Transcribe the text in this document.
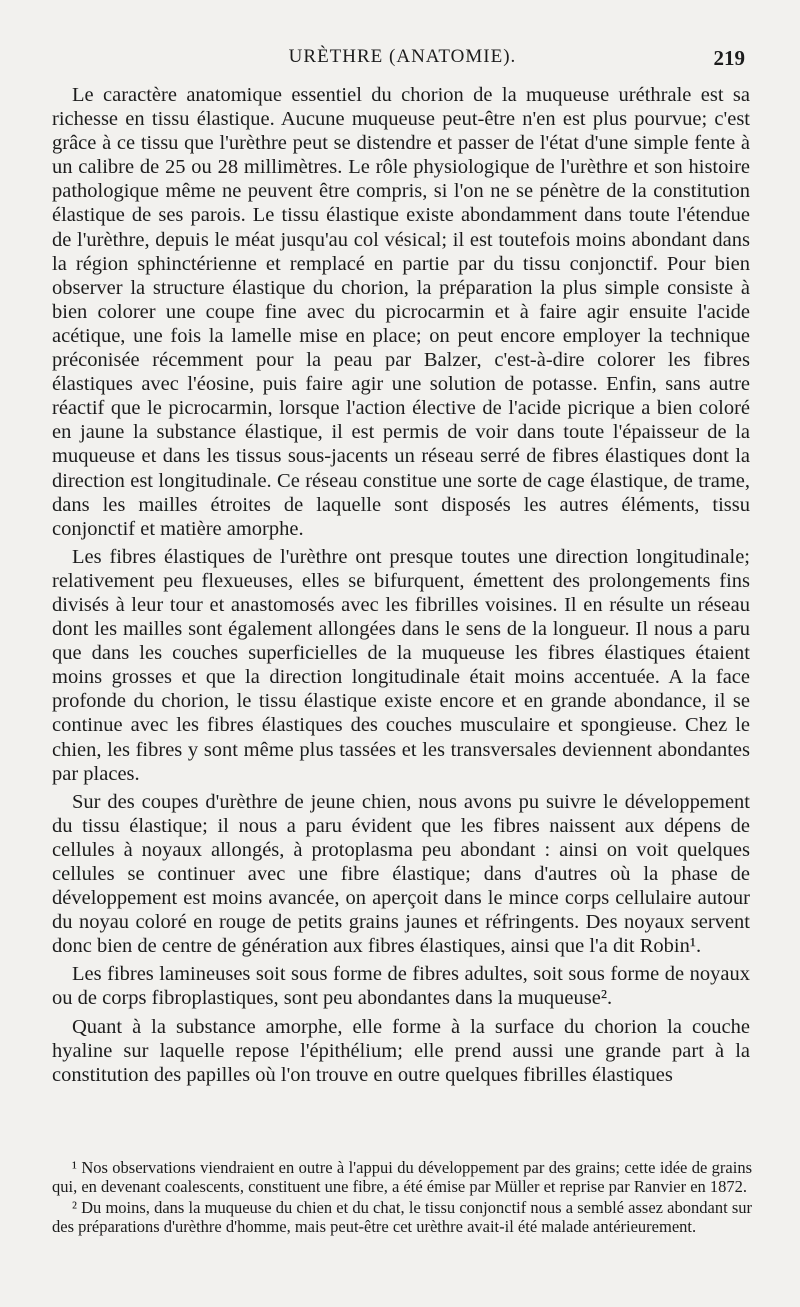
URÈTHRE (ANATOMIE).	219

Le caractère anatomique essentiel du chorion de la muqueuse uréthrale est sa richesse en tissu élastique. Aucune muqueuse peut-être n'en est plus pourvue; c'est grâce à ce tissu que l'urèthre peut se distendre et passer de l'état d'une simple fente à un calibre de 25 ou 28 millimètres. Le rôle physiologique de l'urèthre et son histoire pathologique même ne peuvent être compris, si l'on ne se pénètre de la constitution élastique de ses parois. Le tissu élastique existe abondamment dans toute l'étendue de l'urèthre, depuis le méat jusqu'au col vésical; il est toutefois moins abondant dans la région sphinctérienne et remplacé en partie par du tissu conjonctif. Pour bien observer la structure élastique du chorion, la préparation la plus simple consiste à bien colorer une coupe fine avec du picrocarmin et à faire agir ensuite l'acide acétique, une fois la lamelle mise en place; on peut encore employer la technique préconisée récemment pour la peau par Balzer, c'est-à-dire colorer les fibres élastiques avec l'éosine, puis faire agir une solution de potasse. Enfin, sans autre réactif que le picrocarmin, lorsque l'action élective de l'acide picrique a bien coloré en jaune la substance élastique, il est permis de voir dans toute l'épaisseur de la muqueuse et dans les tissus sous-jacents un réseau serré de fibres élastiques dont la direction est longitudinale. Ce réseau constitue une sorte de cage élastique, de trame, dans les mailles étroites de laquelle sont disposés les autres éléments, tissu conjonctif et matière amorphe.

Les fibres élastiques de l'urèthre ont presque toutes une direction longitudinale; relativement peu flexueuses, elles se bifurquent, émettent des prolongements fins divisés à leur tour et anastomosés avec les fibrilles voisines. Il en résulte un réseau dont les mailles sont également allongées dans le sens de la longueur. Il nous a paru que dans les couches superficielles de la muqueuse les fibres élastiques étaient moins grosses et que la direction longitudinale était moins accentuée. A la face profonde du chorion, le tissu élastique existe encore et en grande abondance, il se continue avec les fibres élastiques des couches musculaire et spongieuse. Chez le chien, les fibres y sont même plus tassées et les transversales deviennent abondantes par places.

Sur des coupes d'urèthre de jeune chien, nous avons pu suivre le développement du tissu élastique; il nous a paru évident que les fibres naissent aux dépens de cellules à noyaux allongés, à protoplasma peu abondant : ainsi on voit quelques cellules se continuer avec une fibre élastique; dans d'autres où la phase de développement est moins avancée, on aperçoit dans le mince corps cellulaire autour du noyau coloré en rouge de petits grains jaunes et réfringents. Des noyaux servent donc bien de centre de génération aux fibres élastiques, ainsi que l'a dit Robin¹.

Les fibres lamineuses soit sous forme de fibres adultes, soit sous forme de noyaux ou de corps fibroplastiques, sont peu abondantes dans la muqueuse².

Quant à la substance amorphe, elle forme à la surface du chorion la couche hyaline sur laquelle repose l'épithélium; elle prend aussi une grande part à la constitution des papilles où l'on trouve en outre quelques fibrilles élastiques

¹ Nos observations viendraient en outre à l'appui du développement par des grains; cette idée de grains qui, en devenant coalescents, constituent une fibre, a été émise par Müller et reprise par Ranvier en 1872.

² Du moins, dans la muqueuse du chien et du chat, le tissu conjonctif nous a semblé assez abondant sur des préparations d'urèthre d'homme, mais peut-être cet urèthre avait-il été malade antérieurement.
